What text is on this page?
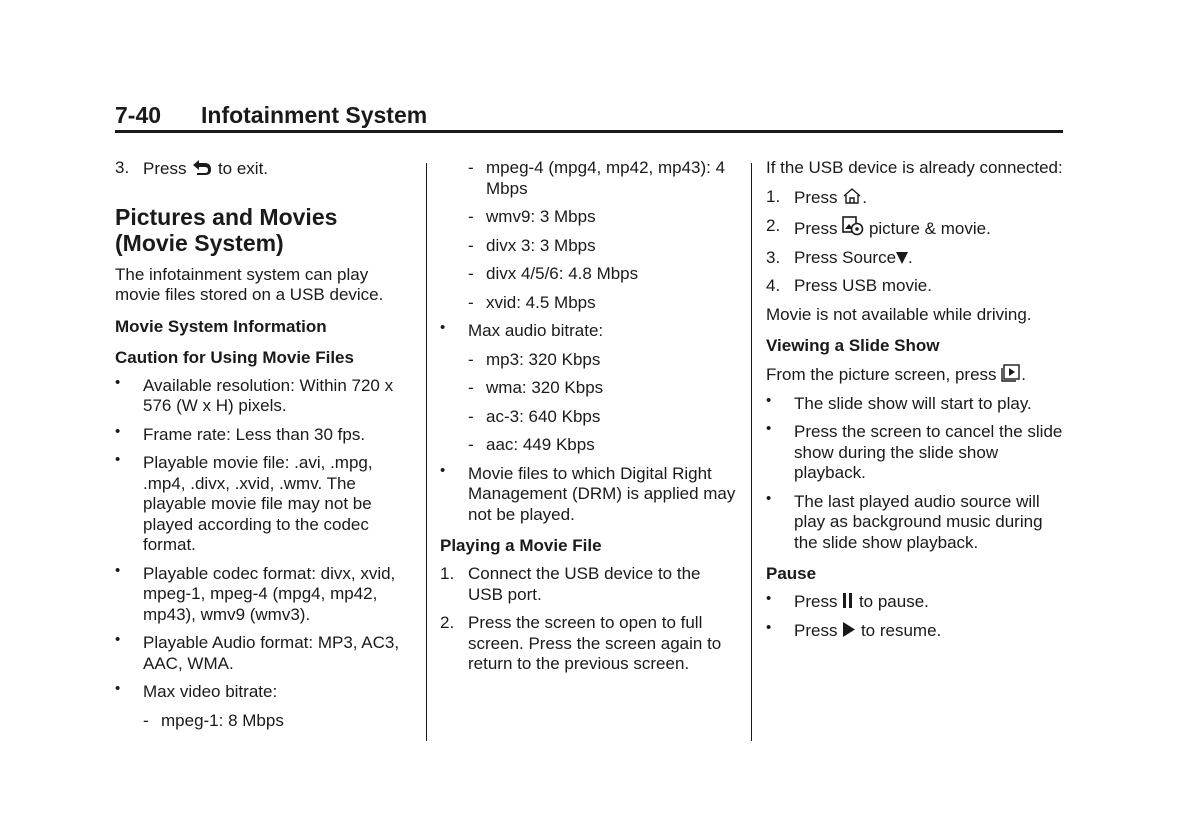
7-40 Infotainment System
3. Press to exit.
Pictures and Movies (Movie System)

The infotainment system can play movie files stored on a USB device.

Movie System Information
Caution for Using Movie Files
•	Available resolution: Within 720 x 576 (W x H) pixels.
•	Frame rate: Less than 30 fps.
•	Playable movie file: .avi, .mpg, .mp4, .divx, .xvid, .wmv. The playable movie file may not be played according to the codec format.
•	Playable codec format: divx, xvid, mpeg-1, mpeg-4 (mpg4, mp42, mp43), wmv9 (wmv3).
•	Playable Audio format: MP3, AC3, AAC, WMA.
•	Max video bitrate:
- mpeg-1: 8 Mbps
- mpeg-4 (mpg4, mp42, mp43): 4 Mbps
- wmv9: 3 Mbps
- divx 3: 3 Mbps
- divx 4/5/6: 4.8 Mbps
- xvid: 4.5 Mbps
•	Max audio bitrate:
- mp3: 320 Kbps
- wma: 320 Kbps
- ac-3: 640 Kbps
- aac: 449 Kbps
•	Movie files to which Digital Right Management (DRM) is applied may not be played.
Playing a Movie File
1. Connect the USB device to the USB port.
2. Press the screen to open to full screen. Press the screen again to return to the previous screen.

If the USB device is already connected:

1. Press .
2. Press picture & movie.
3. Press Source .
4. Press USB movie.

Movie is not available while driving.

Viewing a Slide Show

From the picture screen, press .

•	The slide show will start to play.
•	Press the screen to cancel the slide show during the slide show playback.
•	The last played audio source will play as background music during the slide show playback.
Pause
•	Press to pause.
•	Press to resume.
